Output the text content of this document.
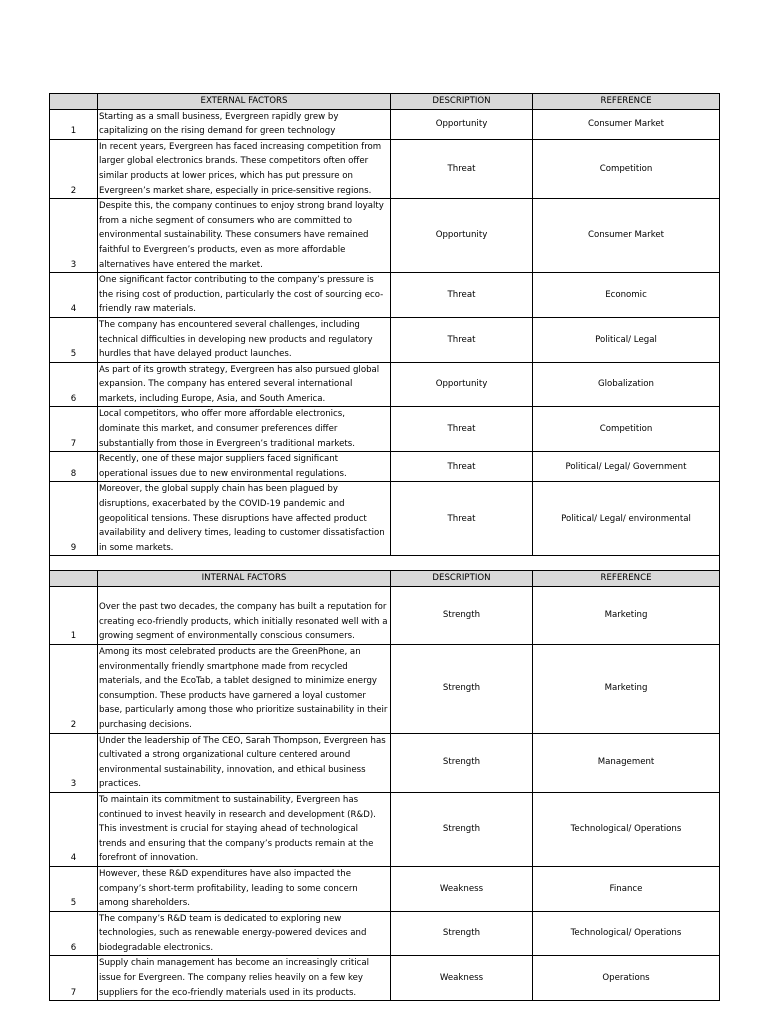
	EXTERNAL FACTORS	DESCRIPTION	REFERENCE
1	Starting as a small business, Evergreen rapidly grew by capitalizing on the rising demand for green technology	Opportunity	Consumer Market
2	In recent years, Evergreen has faced increasing competition from larger global electronics brands. These competitors often offer similar products at lower prices, which has put pressure on Evergreen’s market share, especially in price-sensitive regions.	Threat	Competition
3	Despite this, the company continues to enjoy strong brand loyalty from a niche segment of consumers who are committed to environmental sustainability. These consumers have remained faithful to Evergreen’s products, even as more affordable alternatives have entered the market.	Opportunity	Consumer Market
4	One significant factor contributing to the company’s pressure is the rising cost of production, particularly the cost of sourcing eco-friendly raw materials.	Threat	Economic
5	The company has encountered several challenges, including technical difficulties in developing new products and regulatory hurdles that have delayed product launches.	Threat	Political/ Legal
6	As part of its growth strategy, Evergreen has also pursued global expansion. The company has entered several international markets, including Europe, Asia, and South America.	Opportunity	Globalization
7	Local competitors, who offer more affordable electronics, dominate this market, and consumer preferences differ substantially from those in Evergreen’s traditional markets.	Threat	Competition
8	Recently, one of these major suppliers faced significant operational issues due to new environmental regulations.	Threat	Political/ Legal/ Government
9	Moreover, the global supply chain has been plagued by disruptions, exacerbated by the COVID-19 pandemic and geopolitical tensions. These disruptions have affected product availability and delivery times, leading to customer dissatisfaction in some markets.	Threat	Political/ Legal/ environmental

	INTERNAL FACTORS	DESCRIPTION	REFERENCE
1	Over the past two decades, the company has built a reputation for creating eco-friendly products, which initially resonated well with a growing segment of environmentally conscious consumers.	Strength	Marketing
2	Among its most celebrated products are the GreenPhone, an environmentally friendly smartphone made from recycled materials, and the EcoTab, a tablet designed to minimize energy consumption. These products have garnered a loyal customer base, particularly among those who prioritize sustainability in their purchasing decisions.	Strength	Marketing
3	Under the leadership of The CEO, Sarah Thompson, Evergreen has cultivated a strong organizational culture centered around environmental sustainability, innovation, and ethical business practices.	Strength	Management
4	To maintain its commitment to sustainability, Evergreen has continued to invest heavily in research and development (R&D). This investment is crucial for staying ahead of technological trends and ensuring that the company’s products remain at the forefront of innovation.	Strength	Technological/ Operations
5	However, these R&D expenditures have also impacted the company’s short-term profitability, leading to some concern among shareholders.	Weakness	Finance
6	The company’s R&D team is dedicated to exploring new technologies, such as renewable energy-powered devices and biodegradable electronics.	Strength	Technological/ Operations
7	Supply chain management has become an increasingly critical issue for Evergreen. The company relies heavily on a few key suppliers for the eco-friendly materials used in its products.	Weakness	Operations
